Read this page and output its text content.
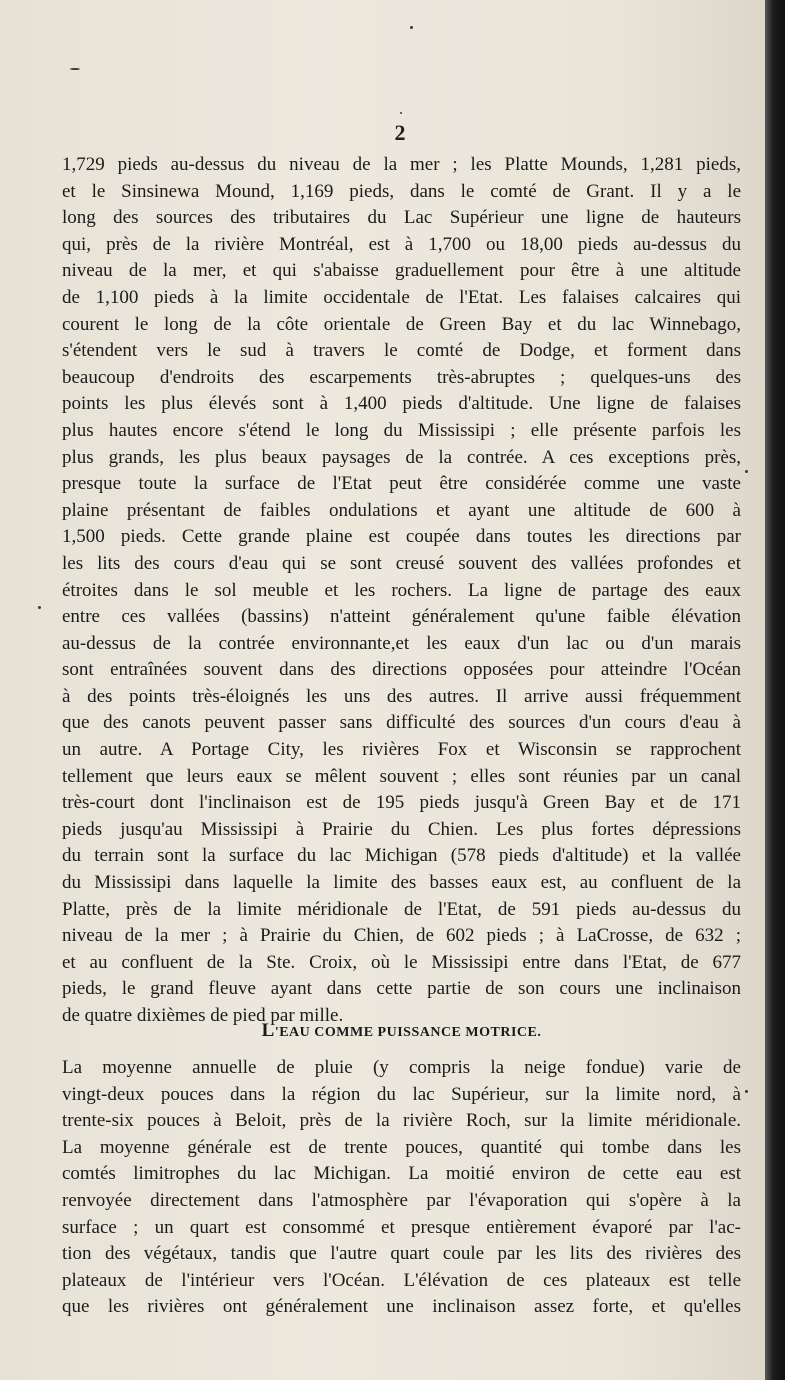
2
1,729 pieds au-dessus du niveau de la mer ; les Platte Mounds, 1,281 pieds,
et le Sinsinewa Mound, 1,169 pieds, dans le comté de Grant. Il y a le
long des sources des tributaires du Lac Supérieur une ligne de hauteurs
qui, près de la rivière Montréal, est à 1,700 ou 18,00 pieds au-dessus du
niveau de la mer, et qui s'abaisse graduellement pour être à une altitude
de 1,100 pieds à la limite occidentale de l'Etat. Les falaises calcaires qui
courent le long de la côte orientale de Green Bay et du lac Winnebago,
s'étendent vers le sud à travers le comté de Dodge, et forment dans
beaucoup d'endroits des escarpements très-abruptes ; quelques-uns des
points les plus élevés sont à 1,400 pieds d'altitude. Une ligne de falaises
plus hautes encore s'étend le long du Mississipi ; elle présente parfois les
plus grands, les plus beaux paysages de la contrée. A ces exceptions près,
presque toute la surface de l'Etat peut être considérée comme une vaste
plaine présentant de faibles ondulations et ayant une altitude de 600 à
1,500 pieds. Cette grande plaine est coupée dans toutes les directions par
les lits des cours d'eau qui se sont creusé souvent des vallées profondes et
étroites dans le sol meuble et les rochers. La ligne de partage des eaux
entre ces vallées (bassins) n'atteint généralement qu'une faible élévation
au-dessus de la contrée environnante,et les eaux d'un lac ou d'un marais
sont entraînées souvent dans des directions opposées pour atteindre l'Océan
à des points très-éloignés les uns des autres. Il arrive aussi fréquemment
que des canots peuvent passer sans difficulté des sources d'un cours d'eau à
un autre. A Portage City, les rivières Fox et Wisconsin se rapprochent
tellement que leurs eaux se mêlent souvent ; elles sont réunies par un canal
très-court dont l'inclinaison est de 195 pieds jusqu'à Green Bay et de 171
pieds jusqu'au Mississipi à Prairie du Chien. Les plus fortes dépressions
du terrain sont la surface du lac Michigan (578 pieds d'altitude) et la vallée
du Mississipi dans laquelle la limite des basses eaux est, au confluent de la
Platte, près de la limite méridionale de l'Etat, de 591 pieds au-dessus du
niveau de la mer ; à Prairie du Chien, de 602 pieds ; à LaCrosse, de 632 ;
et au confluent de la Ste. Croix, où le Mississipi entre dans l'Etat, de 677
pieds, le grand fleuve ayant dans cette partie de son cours une inclinaison
de quatre dixièmes de pied par mille.
L'EAU COMME PUISSANCE MOTRICE.
La moyenne annuelle de pluie (y compris la neige fondue) varie de
vingt-deux pouces dans la région du lac Supérieur, sur la limite nord, à
trente-six pouces à Beloit, près de la rivière Roch, sur la limite méridionale.
La moyenne générale est de trente pouces, quantité qui tombe dans les
comtés limitrophes du lac Michigan. La moitié environ de cette eau est
renvoyée directement dans l'atmosphère par l'évaporation qui s'opère à la
surface ; un quart est consommé et presque entièrement évaporé par l'ac-
tion des végétaux, tandis que l'autre quart coule par les lits des rivières des
plateaux de l'intérieur vers l'Océan. L'élévation de ces plateaux est telle
que les rivières ont généralement une inclinaison assez forte, et qu'elles
